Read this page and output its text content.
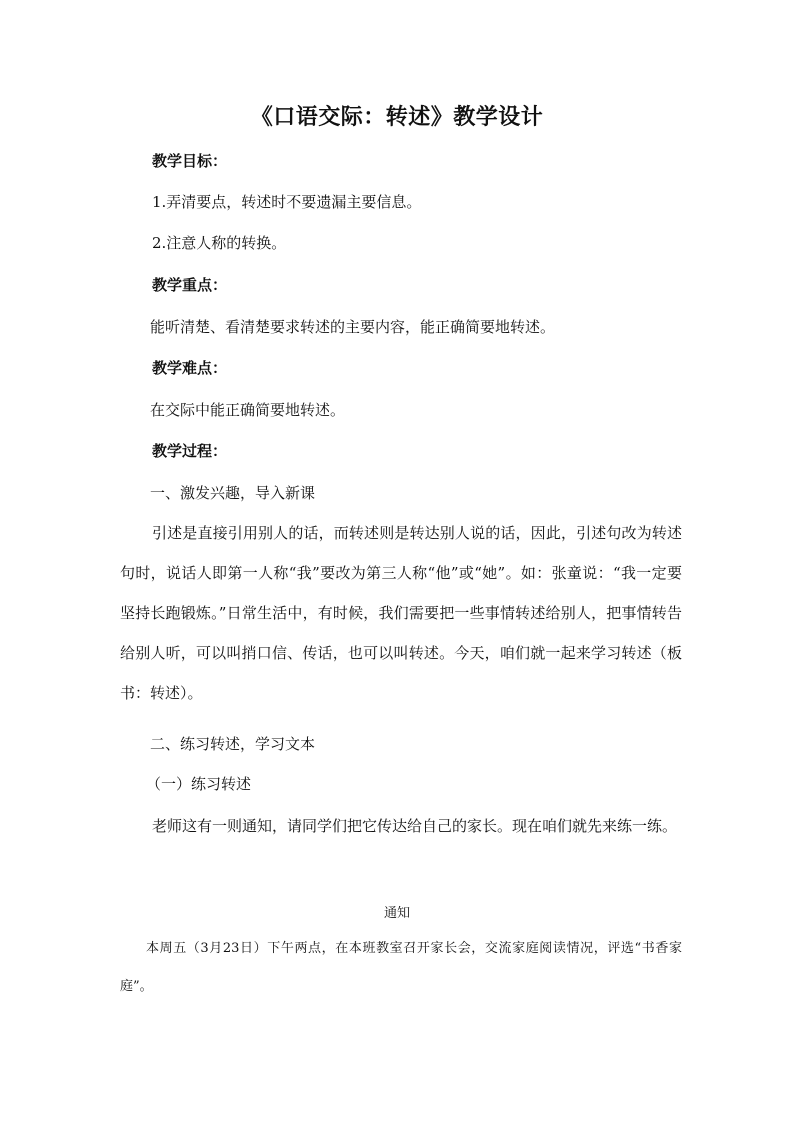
《口语交际：转述》教学设计
教学目标：
1.弄清要点，转述时不要遗漏主要信息。
2.注意人称的转换。
教学重点：
能听清楚、看清楚要求转述的主要内容，能正确简要地转述。
教学难点：
在交际中能正确简要地转述。
教学过程：
一、激发兴趣，导入新课
引述是直接引用别人的话，而转述则是转达别人说的话，因此，引述句改为转述句时，说话人即第一人称“我”要改为第三人称“他”或“她”。如：张童说：“我一定要坚持长跑锻炼。”日常生活中，有时候，我们需要把一些事情转述给别人，把事情转告给别人听，可以叫捎口信、传话，也可以叫转述。今天，咱们就一起来学习转述（板书：转述）。
二、练习转述，学习文本
（一）练习转述
老师这有一则通知，请同学们把它传达给自己的家长。现在咱们就先来练一练。
通知
本周五（3月23日）下午两点，在本班教室召开家长会，交流家庭阅读情况，评选“书香家庭”。
